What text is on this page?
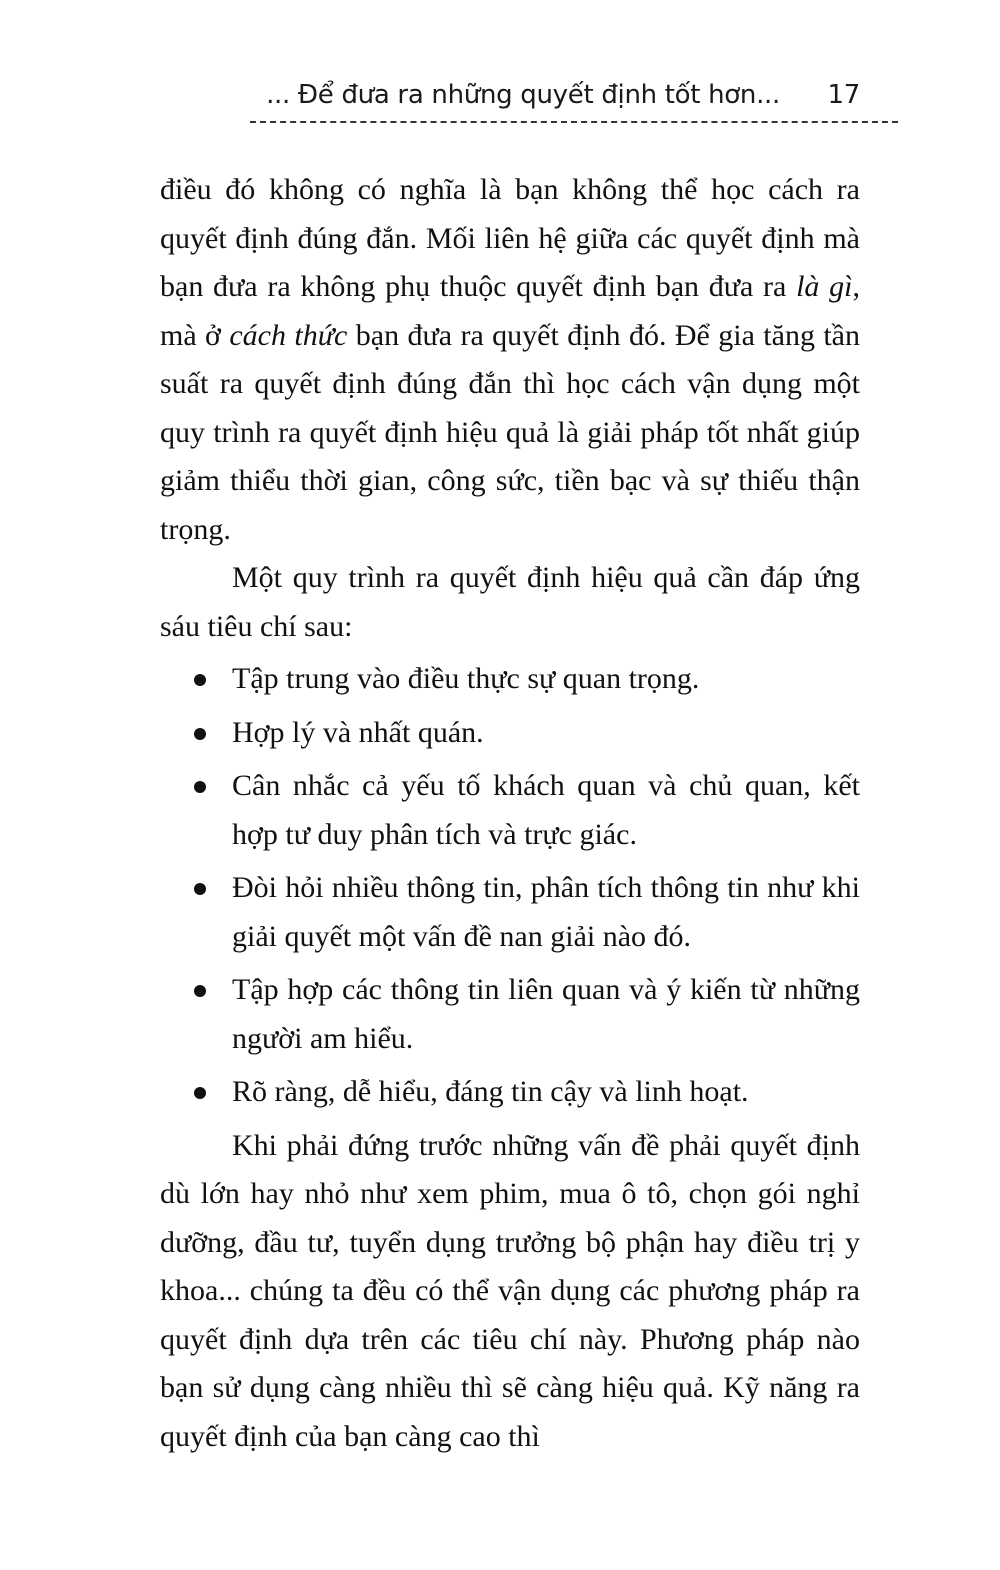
... Để đưa ra những quyết định tốt hơn... 17

điều đó không có nghĩa là bạn không thể học cách ra quyết định đúng đắn. Mối liên hệ giữa các quyết định mà bạn đưa ra không phụ thuộc quyết định bạn đưa ra là gì, mà ở cách thức bạn đưa ra quyết định đó. Để gia tăng tần suất ra quyết định đúng đắn thì học cách vận dụng một quy trình ra quyết định hiệu quả là giải pháp tốt nhất giúp giảm thiểu thời gian, công sức, tiền bạc và sự thiếu thận trọng.

Một quy trình ra quyết định hiệu quả cần đáp ứng sáu tiêu chí sau:

Tập trung vào điều thực sự quan trọng.
Hợp lý và nhất quán.
Cân nhắc cả yếu tố khách quan và chủ quan, kết hợp tư duy phân tích và trực giác.
Đòi hỏi nhiều thông tin, phân tích thông tin như khi giải quyết một vấn đề nan giải nào đó.
Tập hợp các thông tin liên quan và ý kiến từ những người am hiểu.
Rõ ràng, dễ hiểu, đáng tin cậy và linh hoạt.

Khi phải đứng trước những vấn đề phải quyết định dù lớn hay nhỏ như xem phim, mua ô tô, chọn gói nghỉ dưỡng, đầu tư, tuyển dụng trưởng bộ phận hay điều trị y khoa... chúng ta đều có thể vận dụng các phương pháp ra quyết định dựa trên các tiêu chí này. Phương pháp nào bạn sử dụng càng nhiều thì sẽ càng hiệu quả. Kỹ năng ra quyết định của bạn càng cao thì
